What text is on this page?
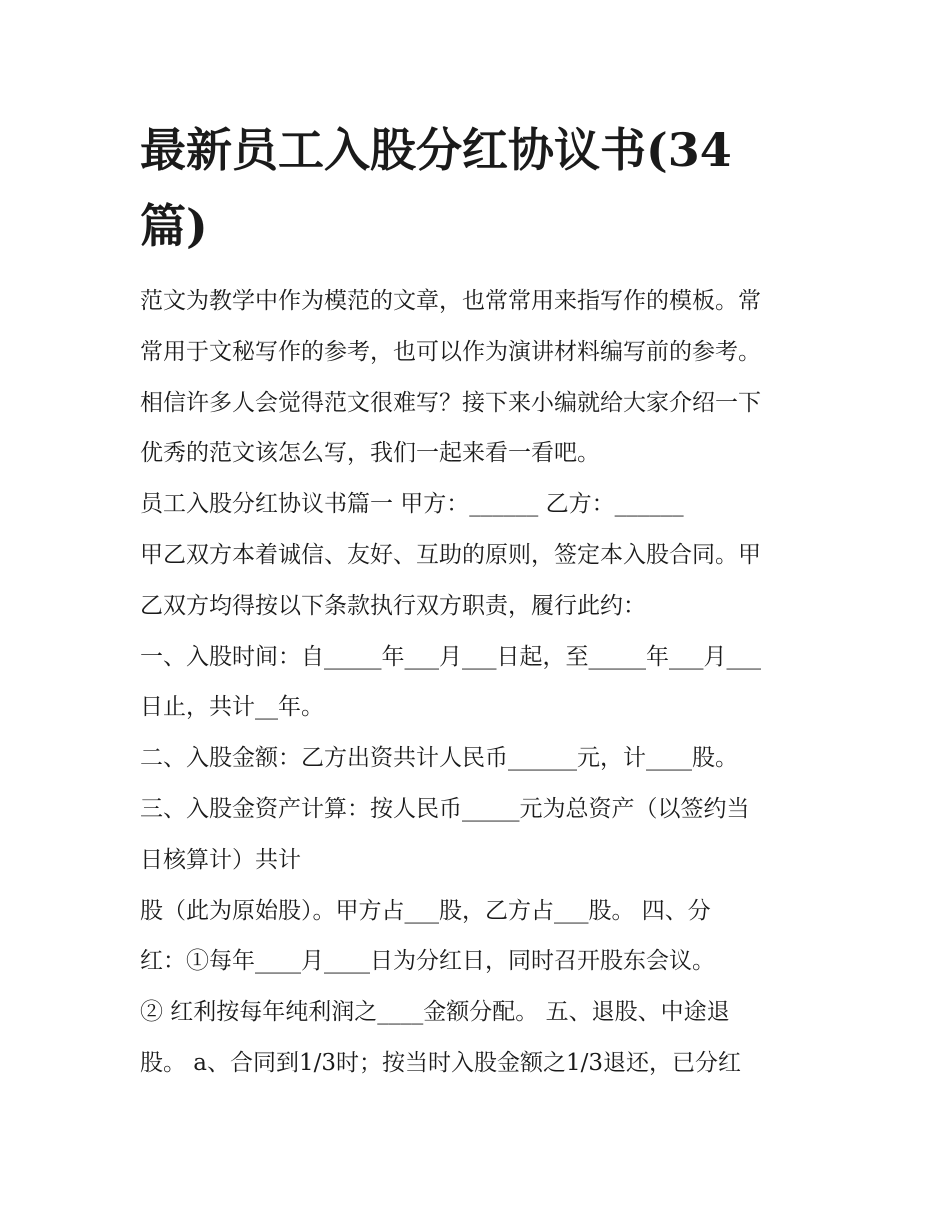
最新员工入股分红协议书(34
篇)

范文为教学中作为模范的文章，也常常用来指写作的模板。常

常用于文秘写作的参考，也可以作为演讲材料编写前的参考。

相信许多人会觉得范文很难写？接下来小编就给大家介绍一下

优秀的范文该怎么写，我们一起来看一看吧。

员工入股分红协议书篇一 甲方：______ 乙方：______

甲乙双方本着诚信、友好、互助的原则，签定本入股合同。甲

乙双方均得按以下条款执行双方职责，履行此约：

一、入股时间：自_____年___月___日起，至_____年___月___

日止，共计__年。

二、入股金额：乙方出资共计人民币______元，计____股。

三、入股金资产计算：按人民币_____元为总资产（以签约当

日核算计）共计

股（此为原始股）。甲方占___股，乙方占___股。 四、分

红：①每年____月____日为分红日，同时召开股东会议。

② 红利按每年纯利润之____金额分配。 五、退股、中途退

股。 a、合同到1/3时；按当时入股金额之1/3退还，已分红
